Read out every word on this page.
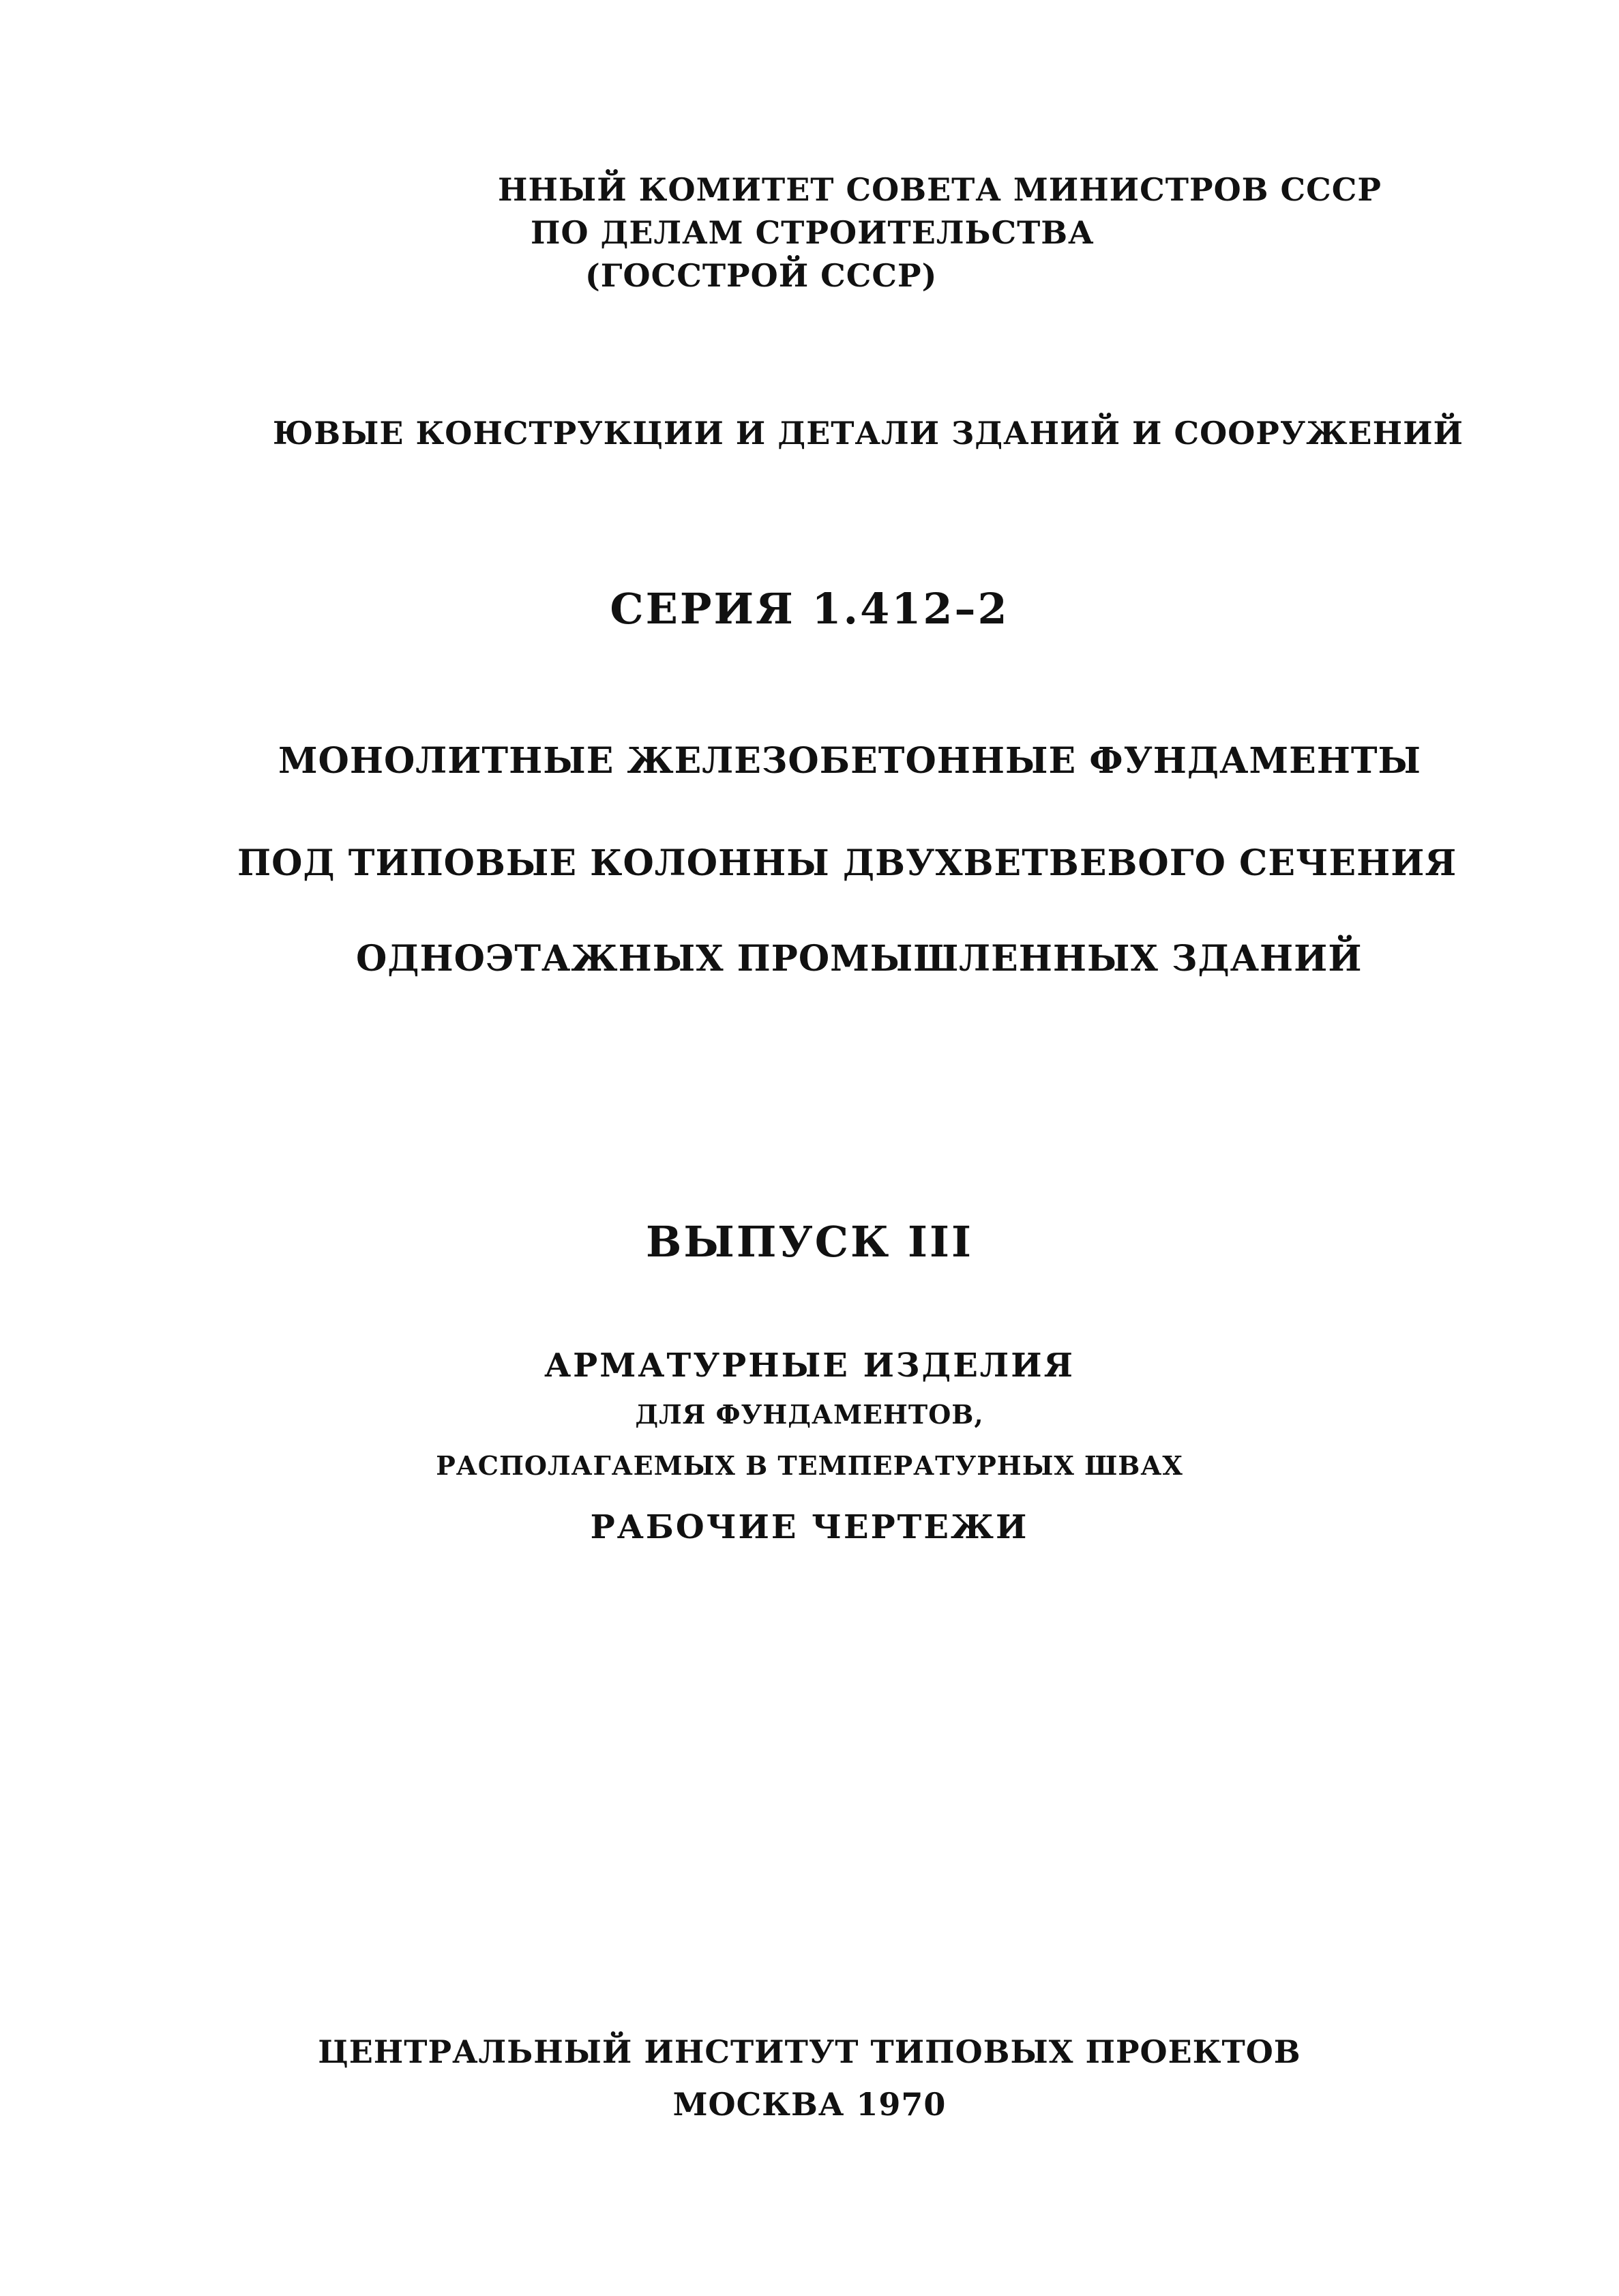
ННЫЙ КОМИТЕТ СОВЕТА МИНИСТРОВ СССР
ПО ДЕЛАМ СТРОИТЕЛЬСТВА
(ГОССТРОЙ СССР)
ЮВЫЕ КОНСТРУКЦИИ И ДЕТАЛИ ЗДАНИЙ И СООРУЖЕНИЙ
СЕРИЯ 1.412–2
МОНОЛИТНЫЕ ЖЕЛЕЗОБЕТОННЫЕ ФУНДАМЕНТЫ
ПОД ТИПОВЫЕ КОЛОННЫ ДВУХВЕТВЕВОГО СЕЧЕНИЯ
ОДНОЭТАЖНЫХ ПРОМЫШЛЕННЫХ ЗДАНИЙ
ВЫПУСК III
АРМАТУРНЫЕ ИЗДЕЛИЯ
ДЛЯ ФУНДАМЕНТОВ,
РАСПОЛАГАЕМЫХ В ТЕМПЕРАТУРНЫХ ШВАХ
РАБОЧИЕ ЧЕРТЕЖИ
ЦЕНТРАЛЬНЫЙ ИНСТИТУТ ТИПОВЫХ ПРОЕКТОВ
МОСКВА 1970
